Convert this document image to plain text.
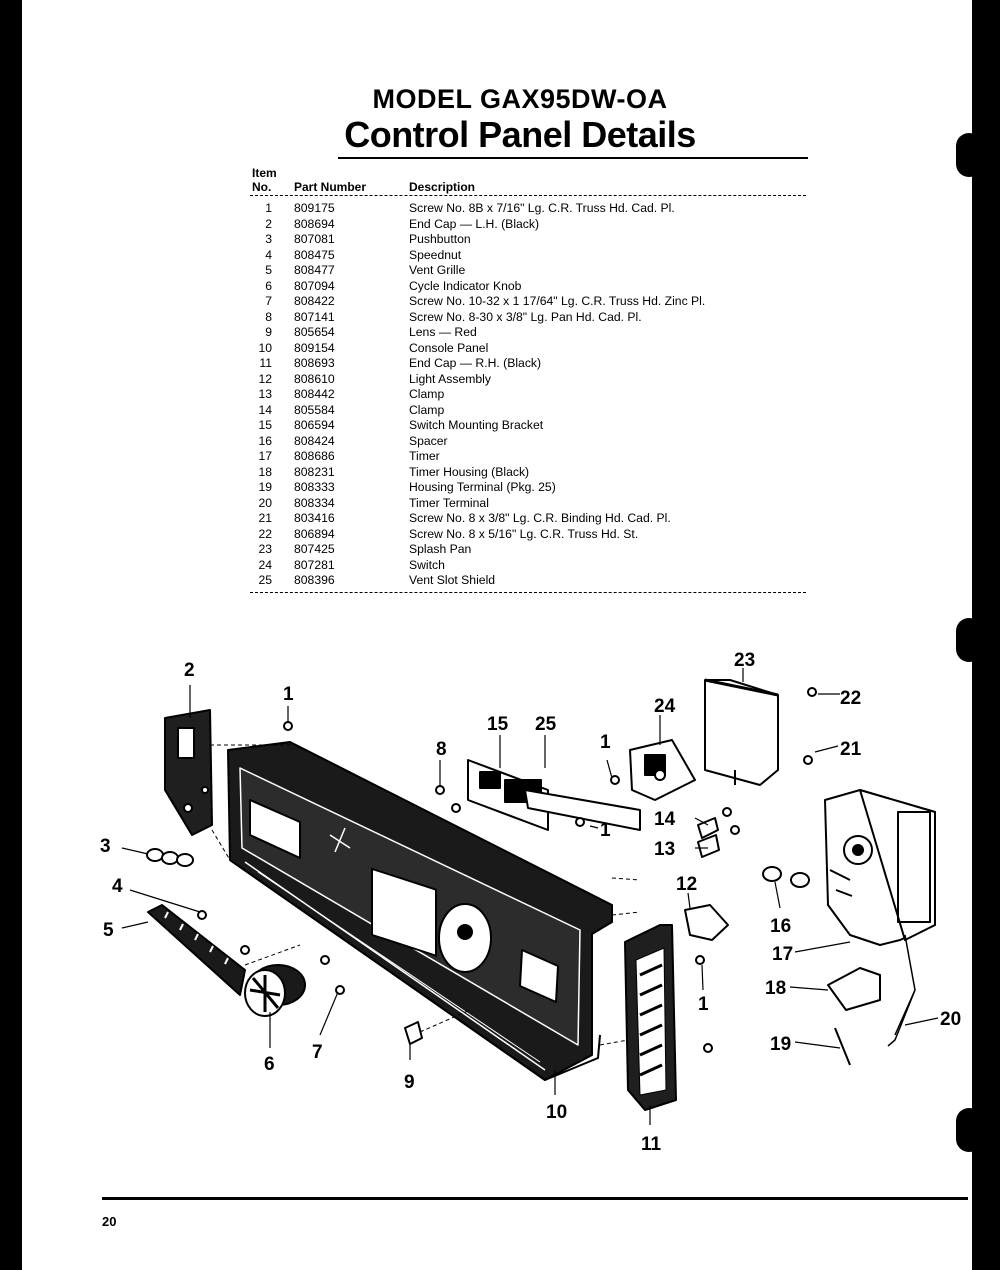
MODEL GAX95DW-OA
Control Panel Details
Item
No. Part Number	Description
1 809175	Screw No. 8B x 7/16" Lg. C.R. Truss Hd. Cad. Pl.
2 808694	End Cap — L.H. (Black)
3 807081	Pushbutton
4 808475	Speednut
5 808477	Vent Grille
6 807094	Cycle Indicator Knob
7 808422	Screw No. 10-32 x 1 17/64" Lg. C.R. Truss Hd. Zinc Pl.
8 807141	Screw No. 8-30 x 3/8" Lg. Pan Hd. Cad. Pl.
9 805654	Lens — Red
10 809154	Console Panel
11 808693	End Cap — R.H. (Black)
12 808610	Light Assembly
13 808442	Clamp
14 805584	Clamp
15 806594	Switch Mounting Bracket
16 808424	Spacer
17 808686	Timer
18 808231	Timer Housing (Black)
19 808333	Housing Terminal (Pkg. 25)
20 808334	Timer Terminal
21 803416	Screw No. 8 x 3/8" Lg. C.R. Binding Hd. Cad. Pl.
22 806894	Screw No. 8 x 5/16" Lg. C.R. Truss Hd. St.
23 807425	Splash Pan
24 807281	Switch
25 808396	Vent Slot Shield
2
1
3
4
5
6
7
8
9
10
11
12
13
14
15 25
1
1
24
23
22
21
16
17
18
19
20
1
20
